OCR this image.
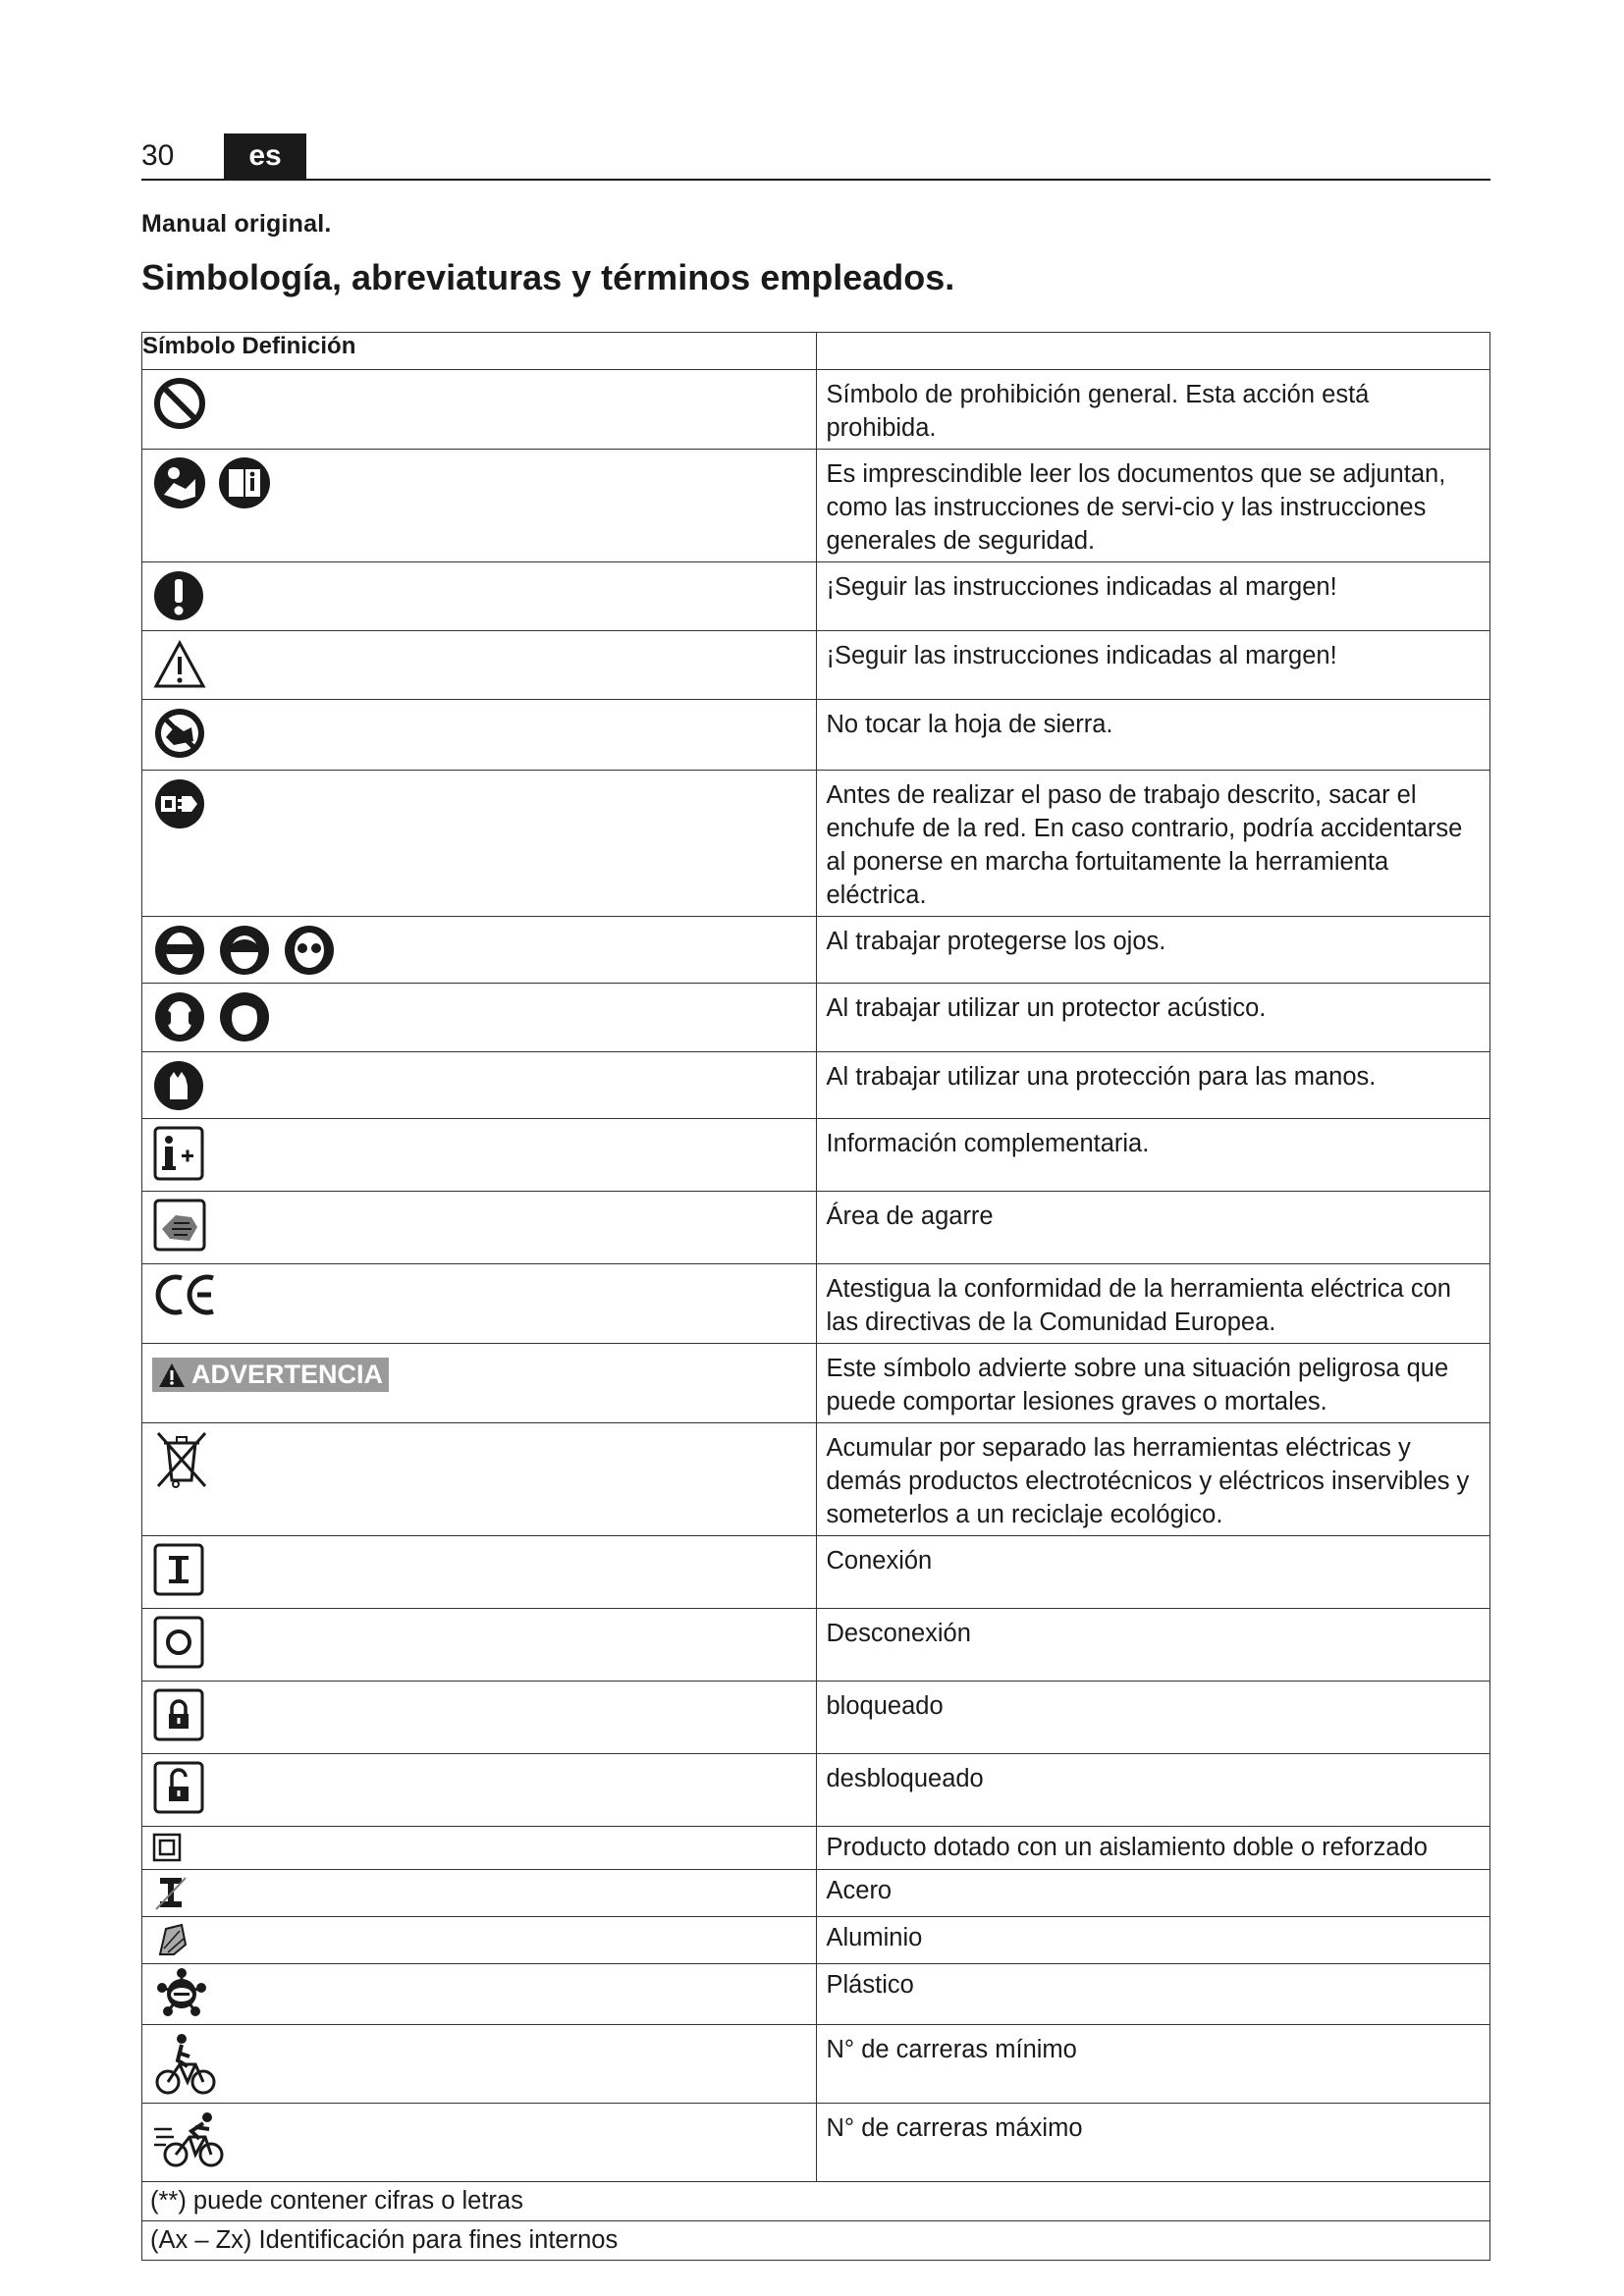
30	es
Manual original.
Simbología, abreviaturas y términos empleados.
Símbolo Definición	

	Símbolo de prohibición general. Esta acción está prohibida.

	Es imprescindible leer los documentos que se adjuntan, como las instrucciones de servi-cio y las instrucciones generales de seguridad.

	¡Seguir las instrucciones indicadas al margen!

	¡Seguir las instrucciones indicadas al margen!

	No tocar la hoja de sierra.

	Antes de realizar el paso de trabajo descrito, sacar el enchufe de la red. En caso contrario, podría accidentarse al ponerse en marcha fortuitamente la herramienta eléctrica.

	Al trabajar protegerse los ojos.

	Al trabajar utilizar un protector acústico.

	Al trabajar utilizar una protección para las manos.

	Información complementaria.

	Área de agarre

	Atestigua la conformidad de la herramienta eléctrica con las directivas de la Comunidad Europea.

ADVERTENCIA	Este símbolo advierte sobre una situación peligrosa que puede comportar lesiones graves o mortales.

	Acumular por separado las herramientas eléctricas y demás productos electrotécnicos y eléctricos inservibles y someterlos a un reciclaje ecológico.

	Conexión

	Desconexión

	bloqueado

	desbloqueado

	Producto dotado con un aislamiento doble o reforzado

	Acero

	Aluminio

	Plástico

	N° de carreras mínimo

	N° de carreras máximo
(**) puede contener cifras o letras	
(Ax – Zx) Identificación para fines internos	
